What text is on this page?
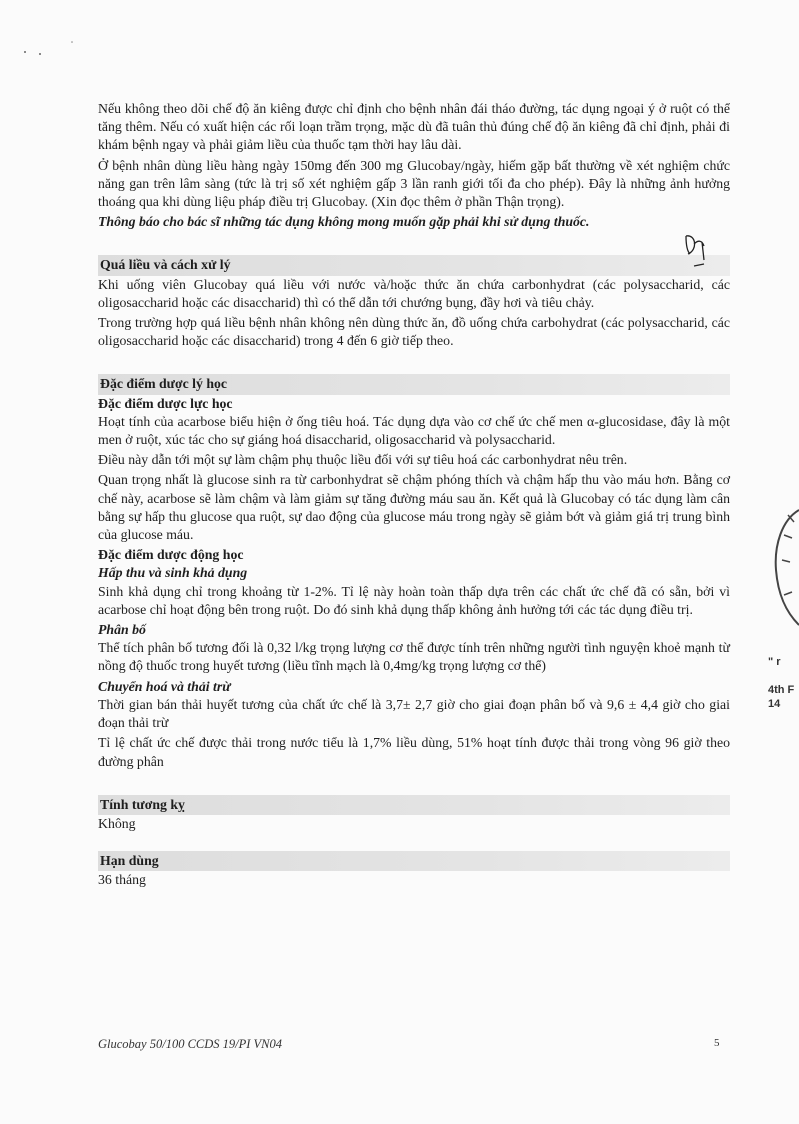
Nếu không theo dõi chế độ ăn kiêng được chỉ định cho bệnh nhân đái tháo đường, tác dụng ngoại ý ở ruột có thể tăng thêm. Nếu có xuất hiện các rối loạn trầm trọng, mặc dù đã tuân thủ đúng chế độ ăn kiêng đã chỉ định, phải đi khám bệnh ngay và phải giảm liều của thuốc tạm thời hay lâu dài.

Ở bệnh nhân dùng liều hàng ngày 150mg đến 300 mg Glucobay/ngày, hiếm gặp bất thường về xét nghiệm chức năng gan trên lâm sàng (tức là trị số xét nghiệm gấp 3 lần ranh giới tối đa cho phép). Đây là những ảnh hưởng thoáng qua khi dùng liệu pháp điều trị Glucobay. (Xin đọc thêm ở phần Thận trọng).

Thông báo cho bác sĩ những tác dụng không mong muốn gặp phải khi sử dụng thuốc.

Quá liều và cách xử lý

Khi uống viên Glucobay quá liều với nước và/hoặc thức ăn chứa carbonhydrat (các polysaccharid, các oligosaccharid hoặc các disaccharid) thì có thể dẫn tới chướng bụng, đầy hơi và tiêu chảy.

Trong trường hợp quá liều bệnh nhân không nên dùng thức ăn, đồ uống chứa carbohydrat (các polysaccharid, các oligosaccharid hoặc các disaccharid) trong 4 đến 6 giờ tiếp theo.

Đặc điểm dược lý học
Đặc điểm dược lực học

Hoạt tính của acarbose biểu hiện ở ống tiêu hoá. Tác dụng dựa vào cơ chế ức chế men α-glucosidase, đây là một men ở ruột, xúc tác cho sự giáng hoá disaccharid, oligosaccharid và polysaccharid.

Điều này dẫn tới một sự làm chậm phụ thuộc liều đối với sự tiêu hoá các carbonhydrat nêu trên.

Quan trọng nhất là glucose sinh ra từ carbonhydrat sẽ chậm phóng thích và chậm hấp thu vào máu hơn. Bằng cơ chế này, acarbose sẽ làm chậm và làm giảm sự tăng đường máu sau ăn. Kết quả là Glucobay có tác dụng làm cân bằng sự hấp thu glucose qua ruột, sự dao động của glucose máu trong ngày sẽ giảm bớt và giảm giá trị trung bình của glucose máu.

Đặc điểm dược động học
Hấp thu và sinh khả dụng

Sinh khả dụng chỉ trong khoảng từ 1-2%. Tỉ lệ này hoàn toàn thấp dựa trên các chất ức chế đã có sẵn, bởi vì acarbose chỉ hoạt động bên trong ruột. Do đó sinh khả dụng thấp không ảnh hưởng tới các tác dụng điều trị.

Phân bố

Thể tích phân bố tương đối là 0,32 l/kg trọng lượng cơ thể được tính trên những người tình nguyện khoẻ mạnh từ nồng độ thuốc trong huyết tương (liều tĩnh mạch là 0,4mg/kg trọng lượng cơ thể)

Chuyển hoá và thải trừ

Thời gian bán thải huyết tương của chất ức chế là 3,7± 2,7 giờ cho giai đoạn phân bố và 9,6 ± 4,4 giờ cho giai đoạn thải trừ

Tỉ lệ chất ức chế được thải trong nước tiểu là 1,7% liều dùng, 51% hoạt tính được thải trong vòng 96 giờ theo đường phân

Tính tương kỵ

Không

Hạn dùng

36 tháng

" r
4th F
14
Glucobay 50/100 CCDS 19/PI VN04	5
